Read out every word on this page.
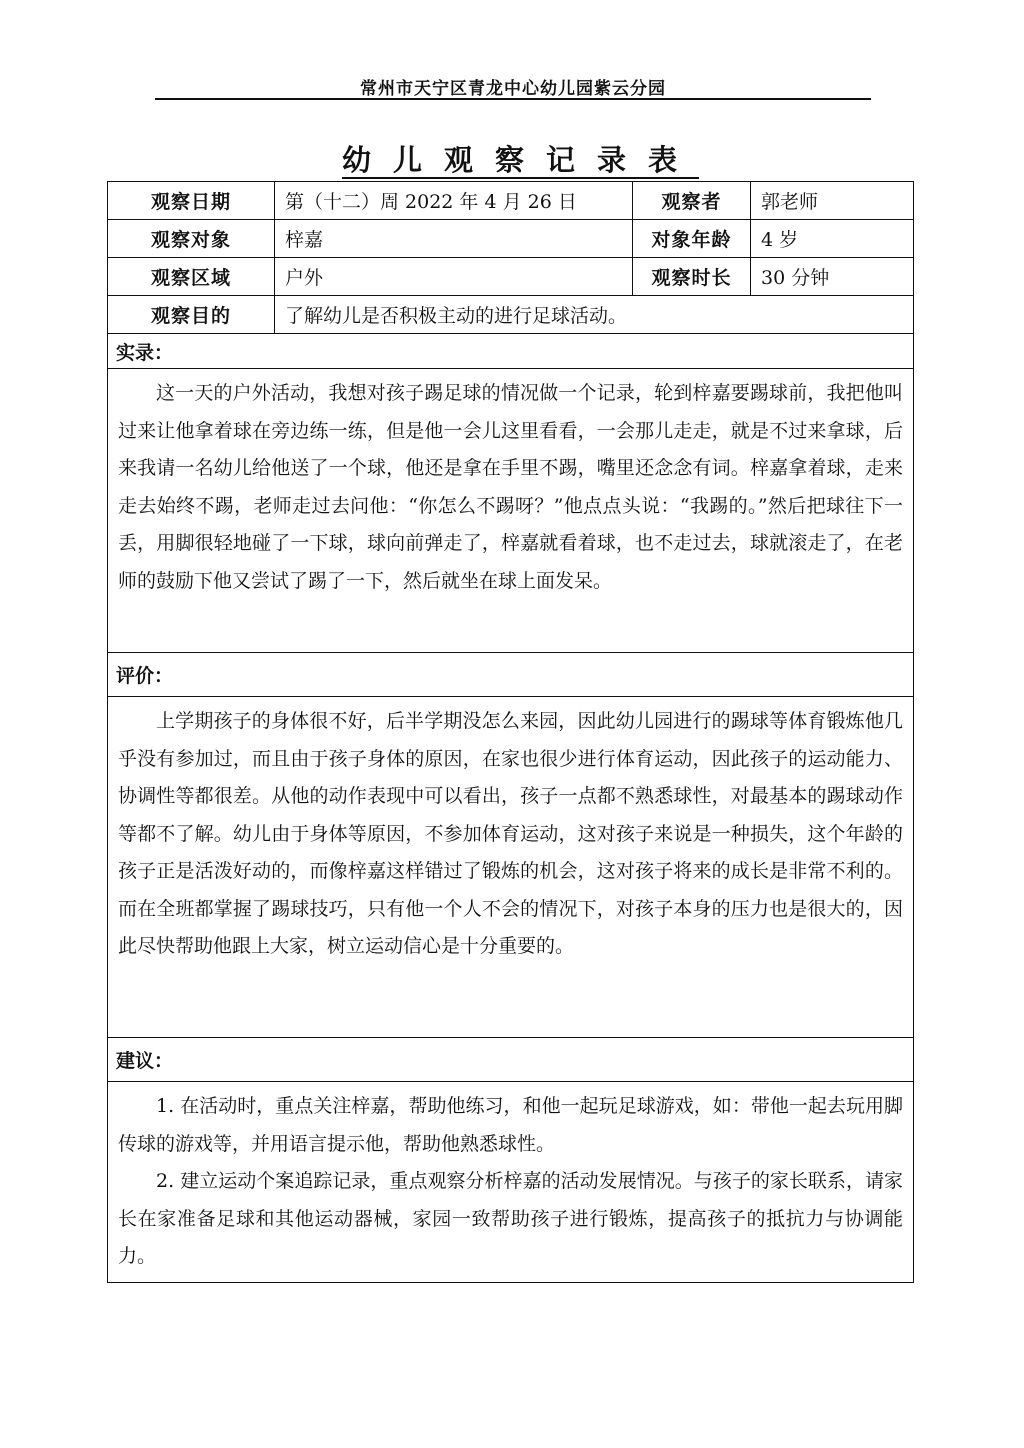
常州市天宁区青龙中心幼儿园紫云分园
幼儿观察记录表
观察日期	第（十二）周 2022 年 4 月 26 日	观察者	郭老师
观察对象	梓嘉	对象年龄	4 岁
观察区域	户外	观察时长	30 分钟
观察目的	了解幼儿是否积极主动的进行足球活动。		
实录：			

这一天的户外活动，我想对孩子踢足球的情况做一个记录，轮到梓嘉要踢球前，我把他叫过来让他拿着球在旁边练一练，但是他一会儿这里看看，一会那儿走走，就是不过来拿球，后来我请一名幼儿给他送了一个球，他还是拿在手里不踢，嘴里还念念有词。梓嘉拿着球，走来走去始终不踢，老师走过去问他：“你怎么不踢呀？”他点点头说：“我踢的。”然后把球往下一丢，用脚很轻地碰了一下球，球向前弹走了，梓嘉就看着球，也不走过去，球就滚走了，在老师的鼓励下他又尝试了踢了一下，然后就坐在球上面发呆。			

评价：			

上学期孩子的身体很不好，后半学期没怎么来园，因此幼儿园进行的踢球等体育锻炼他几乎没有参加过，而且由于孩子身体的原因，在家也很少进行体育运动，因此孩子的运动能力、协调性等都很差。从他的动作表现中可以看出，孩子一点都不熟悉球性，对最基本的踢球动作等都不了解。幼儿由于身体等原因，不参加体育运动，这对孩子来说是一种损失，这个年龄的孩子正是活泼好动的，而像梓嘉这样错过了锻炼的机会，这对孩子将来的成长是非常不利的。而在全班都掌握了踢球技巧，只有他一个人不会的情况下，对孩子本身的压力也是很大的，因此尽快帮助他跟上大家，树立运动信心是十分重要的。			

建议：			

1. 在活动时，重点关注梓嘉，帮助他练习，和他一起玩足球游戏，如：带他一起去玩用脚传球的游戏等，并用语言提示他，帮助他熟悉球性。

2. 建立运动个案追踪记录，重点观察分析梓嘉的活动发展情况。与孩子的家长联系，请家长在家准备足球和其他运动器械，家园一致帮助孩子进行锻炼，提高孩子的抵抗力与协调能力。			
